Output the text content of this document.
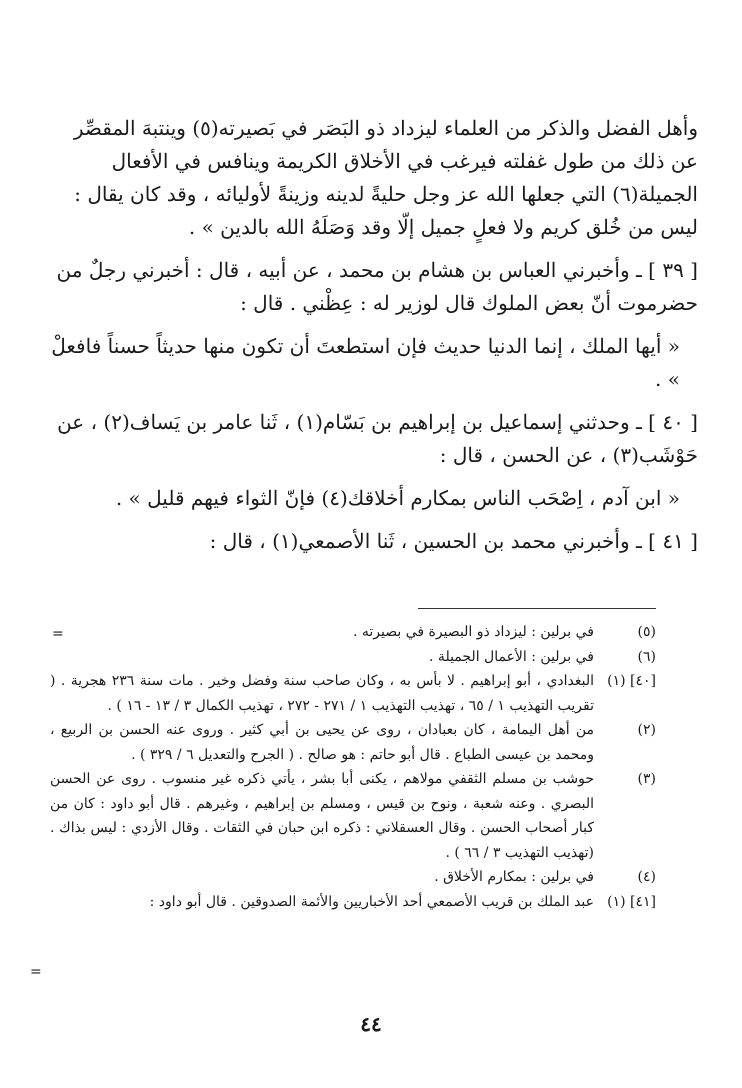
وأهل الفضل والذكر من العلماء ليزداد ذو البَصَر في بَصيرته(٥) وينتبهَ المقصِّر عن ذلك من طول غفلته فيرغب في الأخلاق الكريمة وينافس في الأفعال الجميلة(٦) التي جعلها الله عز وجل حليةً لدينه وزينةً لأوليائه ، وقد كان يقال : ليس من خُلق كريم ولا فعلٍ جميل إلّا وقد وَصَلَهُ الله بالدين » .

[ ٣٩ ] ـ وأخبرني العباس بن هشام بن محمد ، عن أبيه ، قال : أخبرني رجلٌ من حضرموت أنّ بعض الملوك قال لوزير له : عِظْني . قال :

« أيها الملك ، إنما الدنيا حديث فإن استطعتَ أن تكون منها حديثاً حسناً فافعلْ » .

[ ٤٠ ] ـ وحدثني إسماعيل بن إبراهيم بن بَسّام(١) ، ثَنا عامر بن يَساف(٢) ، عن حَوْشَب(٣) ، عن الحسن ، قال :

« ابن آدم ، اِصْحَب الناس بمكارم أخلاقك(٤) فإنّ الثواء فيهم قليل » .

[ ٤١ ] ـ وأخبرني محمد بن الحسين ، ثَنا الأصمعي(١) ، قال :

=
=
(٥)
في برلين : ليزداد ذو البصيرة في بصيرته .
(٦)
في برلين : الأعمال الجميلة .
[٤٠] (١)
البغدادي ، أبو إبراهيم . لا بأس به ، وكان صاحب سنة وفضل وخير . مات سنة ٢٣٦ هجرية . ( تقريب التهذيب ١ / ٦٥ ، تهذيب التهذيب ١ / ٢٧١ - ٢٧٢ ، تهذيب الكمال ٣ / ١٣ - ١٦ ) .
(٢)
من أهل اليمامة ، كان بعبادان ، روى عن يحيى بن أبي كثير . وروى عنه الحسن بن الربيع ، ومحمد بن عيسى الطباع . قال أبو حاتم : هو صالح . ( الجرح والتعديل ٦ / ٣٢٩ ) .
(٣)
حوشب بن مسلم الثقفي مولاهم ، يكنى أبا بشر ، يأتي ذكره غير منسوب . روى عن الحسن البصري . وعنه شعبة ، ونوح بن قيس ، ومسلم بن إبراهيم ، وغيرهم . قال أبو داود : كان من كبار أصحاب الحسن . وقال العسقلاني : ذكره ابن حبان في الثقات . وقال الأزدي : ليس بذاك . (تهذيب التهذيب ٣ / ٦٦ ) .
(٤)
في برلين : بمكارم الأخلاق .
[٤١] (١)
عبد الملك بن قريب الأصمعي أحد الأخباريين والأئمة الصدوقين . قال أبو داود :
٤٤
